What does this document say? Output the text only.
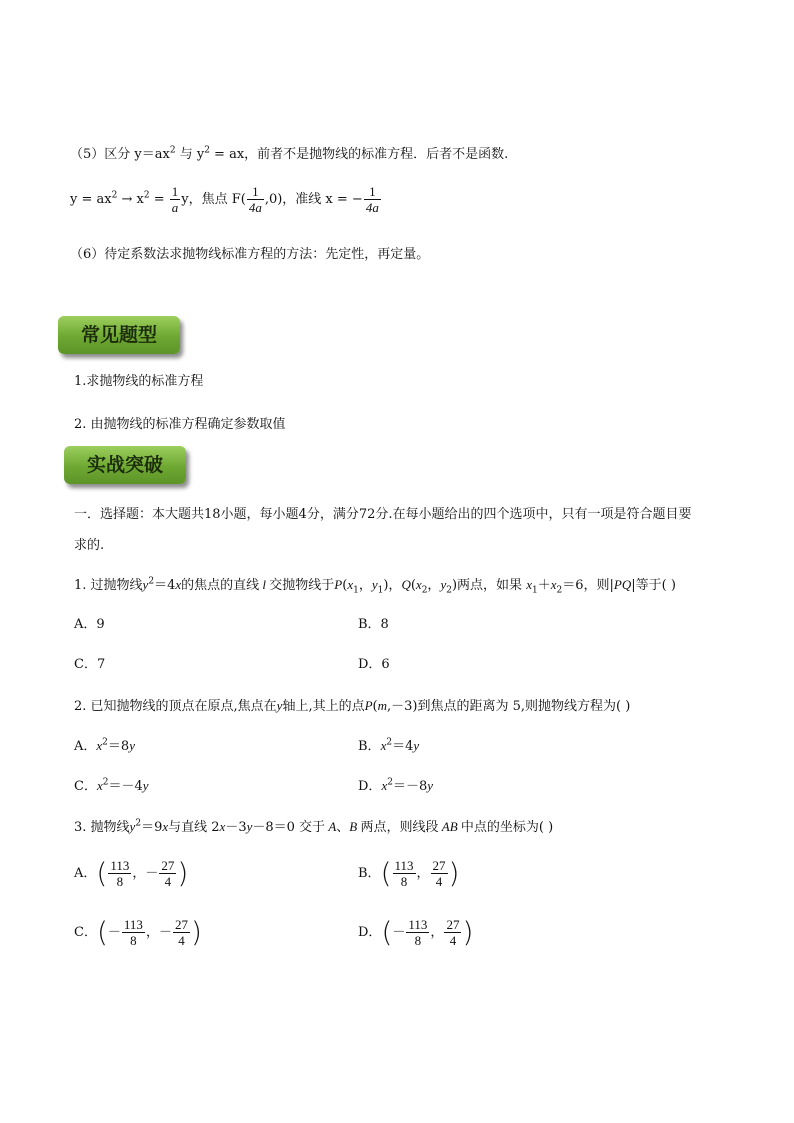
（5）区分 $y=ax^2$ 与 $y^2$ = ax，前者不是抛物线的标准方程．后者不是函数.
$y = ax^2 \to x^2 = \frac{1}{a}$ y，焦点 $F( \frac{1}{4a} ,0)$，准线 x = − $\frac{1}{4a}$
（6）待定系数法求抛物线标准方程的方法：先定性，再定量。
常见题型
1.求抛物线的标准方程
2. 由抛物线的标准方程确定参数取值
实战突破
一．选择题：本大题共18小题，每小题4分，满分72分.在每小题给出的四个选项中，只有一项是符合题目要
求的.
1. 过抛物线$y^2=4x$的焦点的直线 l 交抛物线于$P(x_1$，$y_1$)，$Q(x_2$，$y_2$)两点，如果 $x_1+x_2=6$，则|PQ|等于( )
A．9	B．8
C．7	D．6
2. 已知抛物线的顶点在原点,焦点在y轴上,其上的点P(m,－3)到焦点的距离为 5,则抛物线方程为( )
A．$x^2=8y$	B．$x^2=4y$
C．$x^2=-4y$	D．$x^2=-8y$
3. 抛物线$y^2=9x$与直线 2x－3y－8＝0 交于 A、B 两点，则线段 AB 中点的坐标为( )
A．( $\frac{113}{8}$ ，－ $\frac{27}{4}$ )	B．( $\frac{113}{8}$ ， $\frac{27}{4}$ )
C．(－ $\frac{113}{8}$ ，－ $\frac{27}{4}$ )	D．(－ $\frac{113}{8}$ ， $\frac{27}{4}$ )
